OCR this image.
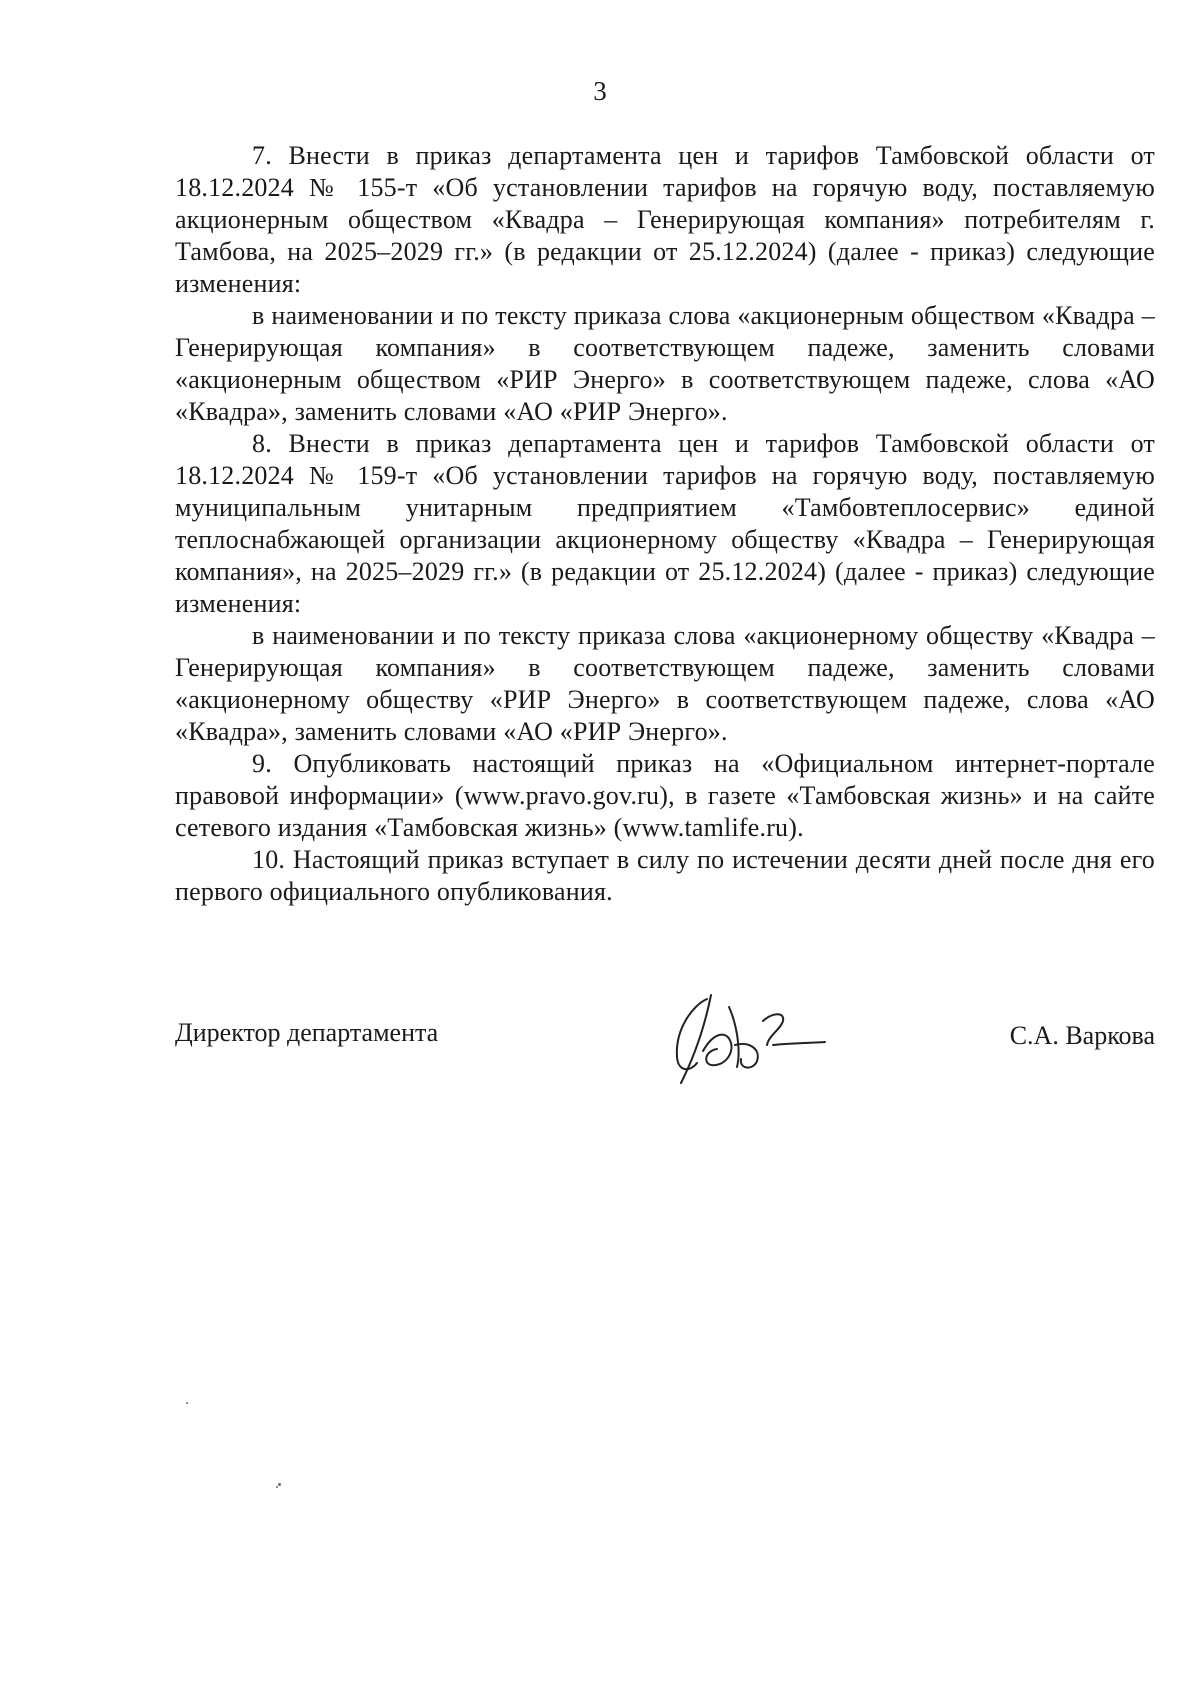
3

7. Внести в приказ департамента цен и тарифов Тамбовской области от 18.12.2024 № 155-т «Об установлении тарифов на горячую воду, поставляемую акционерным обществом «Квадра – Генерирующая компания» потребителям г. Тамбова, на 2025–2029 гг.» (в редакции от 25.12.2024) (далее - приказ) следующие изменения:

в наименовании и по тексту приказа слова «акционерным обществом «Квадра – Генерирующая компания» в соответствующем падеже, заменить словами «акционерным обществом «РИР Энерго» в соответствующем падеже, слова «АО «Квадра», заменить словами «АО «РИР Энерго».

8. Внести в приказ департамента цен и тарифов Тамбовской области от 18.12.2024 № 159-т «Об установлении тарифов на горячую воду, поставляемую муниципальным унитарным предприятием «Тамбовтеплосервис» единой теплоснабжающей организации акционерному обществу «Квадра – Генерирующая компания», на 2025–2029 гг.» (в редакции от 25.12.2024) (далее - приказ) следующие изменения:

в наименовании и по тексту приказа слова «акционерному обществу «Квадра – Генерирующая компания» в соответствующем падеже, заменить словами «акционерному обществу «РИР Энерго» в соответствующем падеже, слова «АО «Квадра», заменить словами «АО «РИР Энерго».

9. Опубликовать настоящий приказ на «Официальном интернет-портале правовой информации» (www.pravo.gov.ru), в газете «Тамбовская жизнь» и на сайте сетевого издания «Тамбовская жизнь» (www.tamlife.ru).

10. Настоящий приказ вступает в силу по истечении десяти дней после дня его первого официального опубликования.

Директор департамента	С.А. Варкова
